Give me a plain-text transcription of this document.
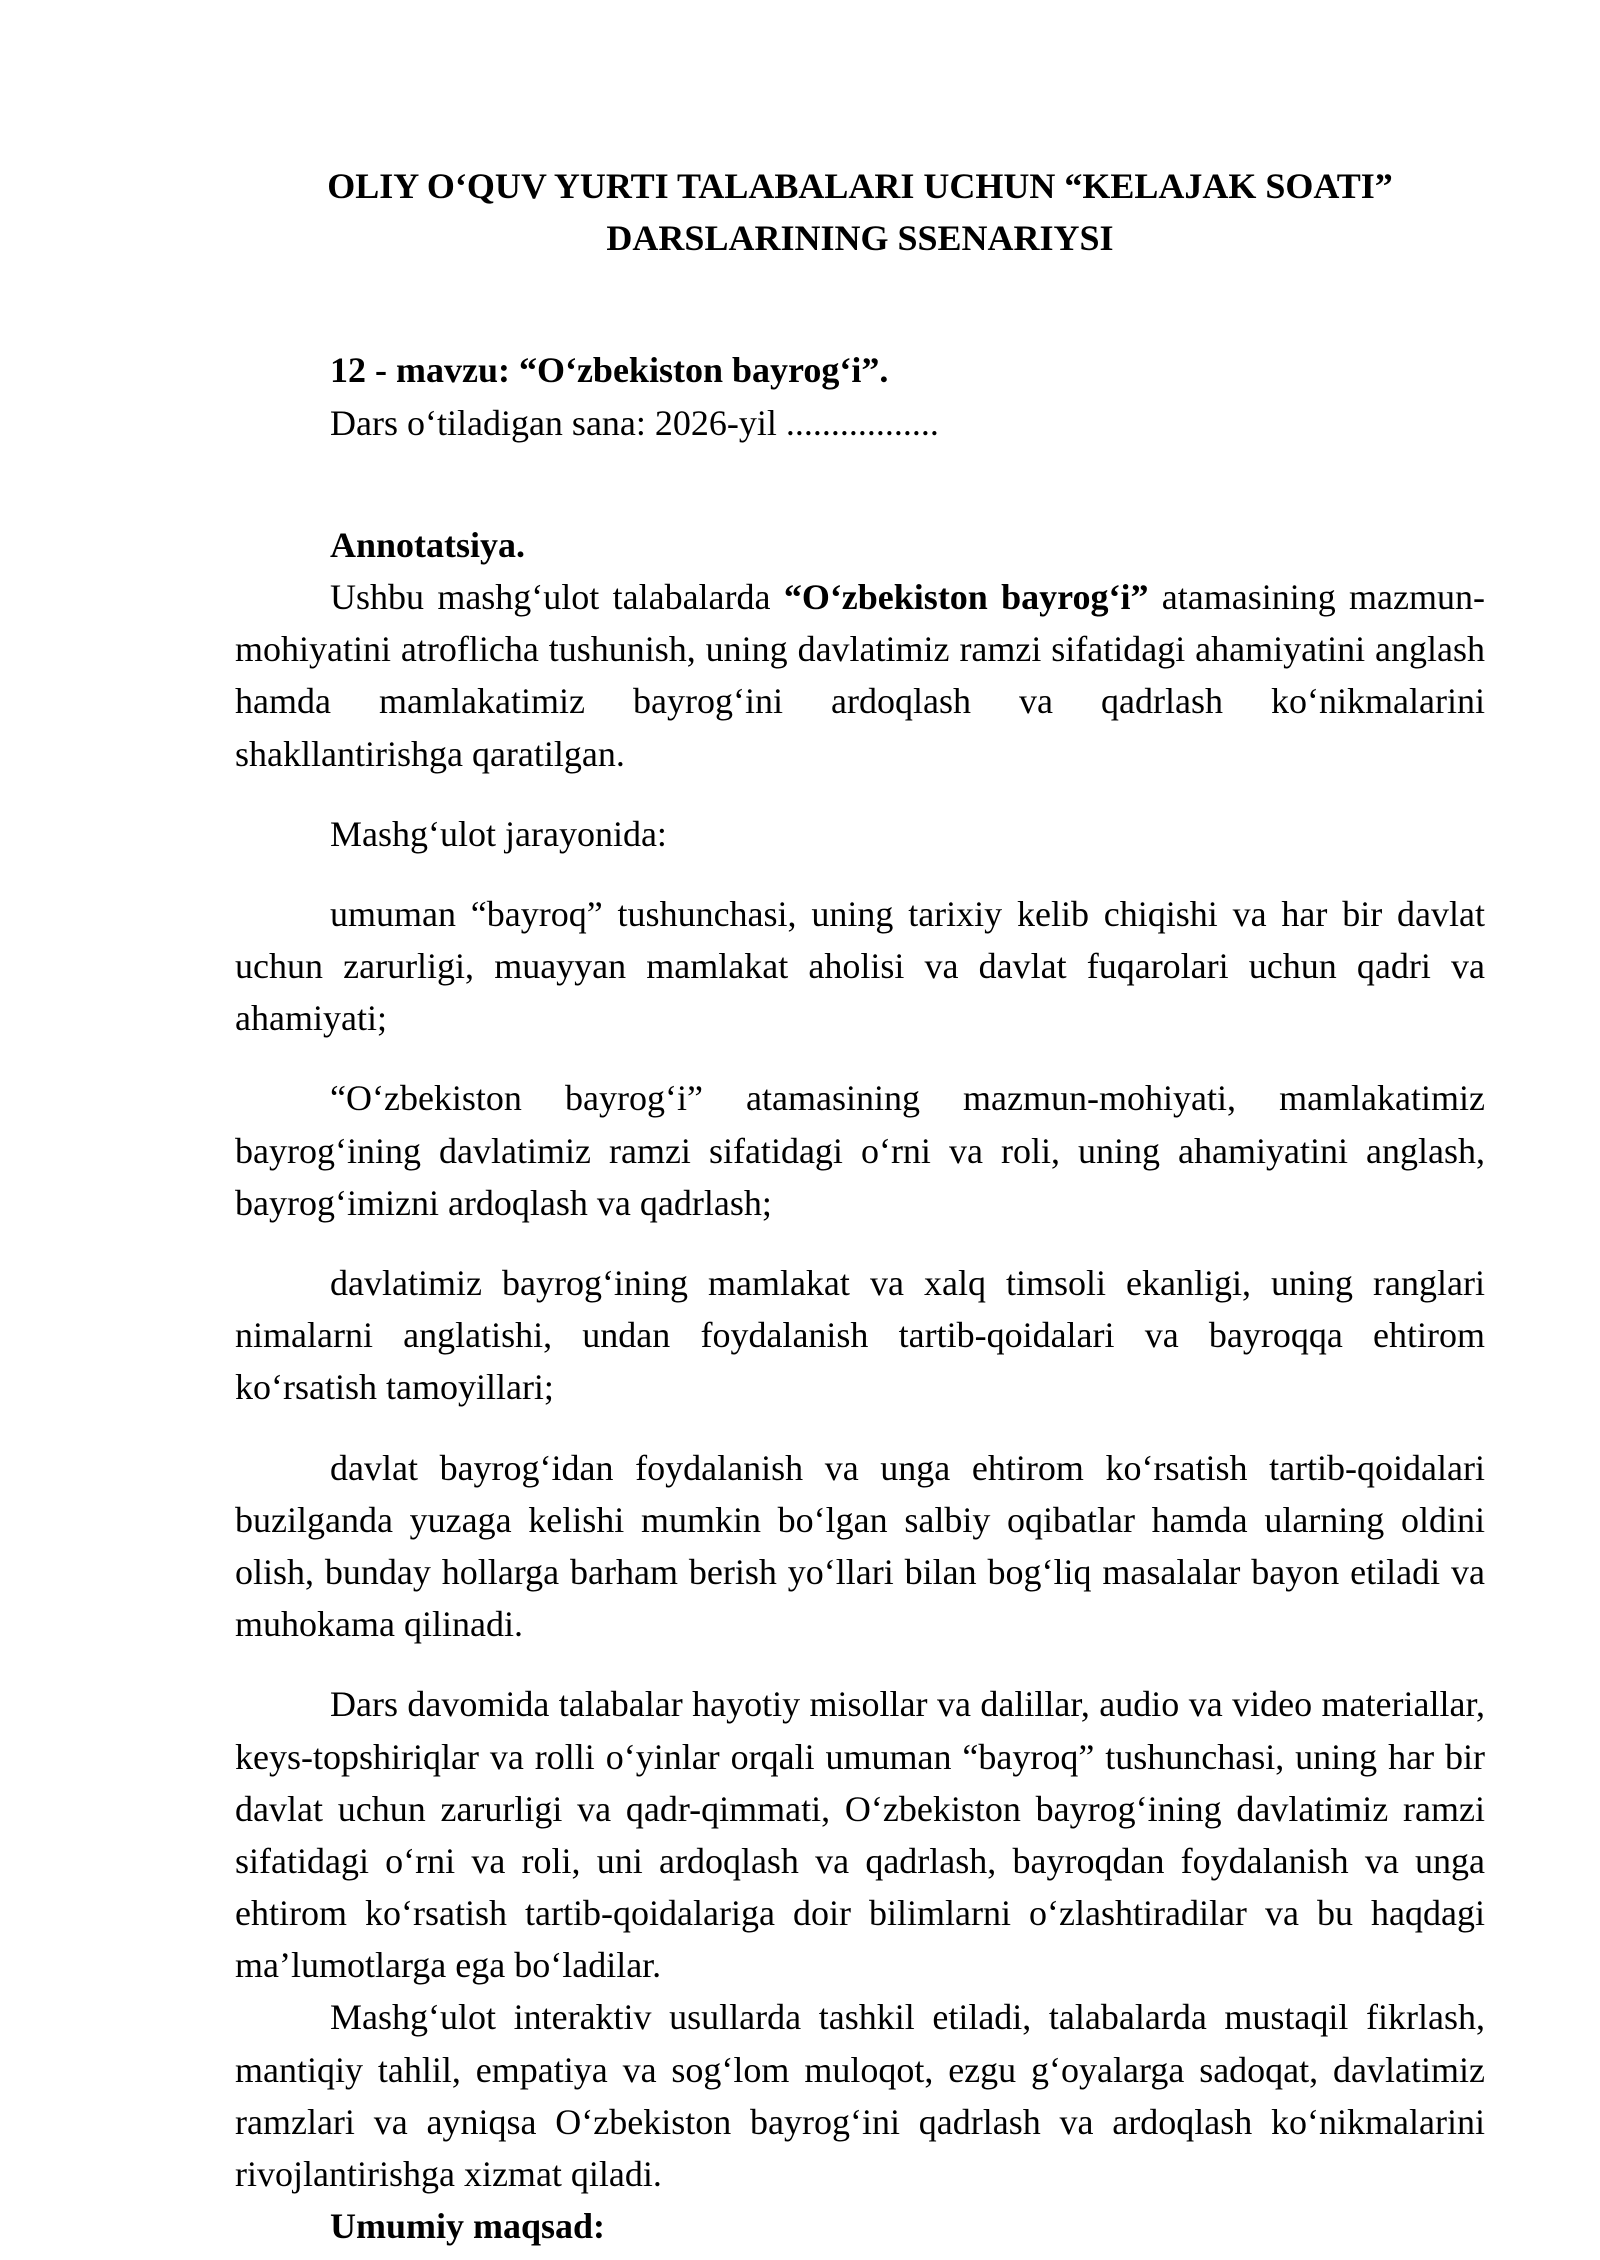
OLIY O‘QUV YURTI TALABALARI UCHUN “KELAJAK SOATI”
DARSLARINING SSENARIYSI

12 - mavzu: “O‘zbekiston bayrog‘i”.

Dars o‘tiladigan sana: 2026-yil .................

Annotatsiya.

Ushbu mashg‘ulot talabalarda “O‘zbekiston bayrog‘i” atamasining mazmun-mohiyatini atroflicha tushunish, uning davlatimiz ramzi sifatidagi ahamiyatini anglash hamda mamlakatimiz bayrog‘ini ardoqlash va qadrlash ko‘nikmalarini shakllantirishga qaratilgan.

Mashg‘ulot jarayonida:

umuman “bayroq” tushunchasi, uning tarixiy kelib chiqishi va har bir davlat uchun zarurligi, muayyan mamlakat aholisi va davlat fuqarolari uchun qadri va ahamiyati;

“O‘zbekiston bayrog‘i” atamasining mazmun-mohiyati, mamlakatimiz bayrog‘ining davlatimiz ramzi sifatidagi o‘rni va roli, uning ahamiyatini anglash, bayrog‘imizni ardoqlash va qadrlash;

davlatimiz bayrog‘ining mamlakat va xalq timsoli ekanligi, uning ranglari nimalarni anglatishi, undan foydalanish tartib-qoidalari va bayroqqa ehtirom ko‘rsatish tamoyillari;

davlat bayrog‘idan foydalanish va unga ehtirom ko‘rsatish tartib-qoidalari buzilganda yuzaga kelishi mumkin bo‘lgan salbiy oqibatlar hamda ularning oldini olish, bunday hollarga barham berish yo‘llari bilan bog‘liq masalalar bayon etiladi va muhokama qilinadi.

Dars davomida talabalar hayotiy misollar va dalillar, audio va video materiallar, keys-topshiriqlar va rolli o‘yinlar orqali umuman “bayroq” tushunchasi, uning har bir davlat uchun zarurligi va qadr-qimmati, O‘zbekiston bayrog‘ining davlatimiz ramzi sifatidagi o‘rni va roli, uni ardoqlash va qadrlash, bayroqdan foydalanish va unga ehtirom ko‘rsatish tartib-qoidalariga doir bilimlarni o‘zlashtiradilar va bu haqdagi ma’lumotlarga ega bo‘ladilar.

Mashg‘ulot interaktiv usullarda tashkil etiladi, talabalarda mustaqil fikrlash, mantiqiy tahlil, empatiya va sog‘lom muloqot, ezgu g‘oyalarga sadoqat, davlatimiz ramzlari va ayniqsa O‘zbekiston bayrog‘ini qadrlash va ardoqlash ko‘nikmalarini rivojlantirishga xizmat qiladi.

Umumiy maqsad:
